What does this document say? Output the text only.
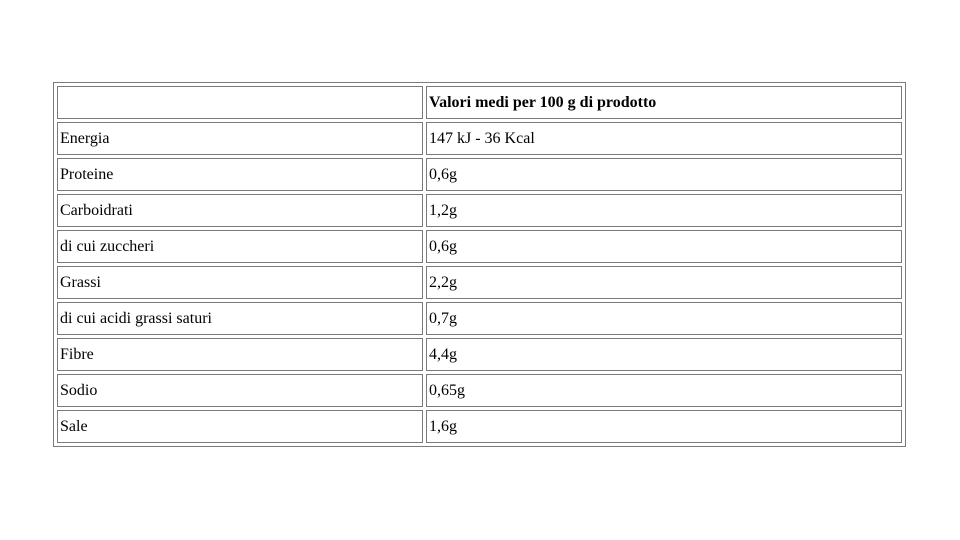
	Valori medi per 100 g di prodotto
Energia	147 kJ - 36 Kcal
Proteine	0,6g
Carboidrati	1,2g
di cui zuccheri	0,6g
Grassi	2,2g
di cui acidi grassi saturi	0,7g
Fibre	4,4g
Sodio	0,65g
Sale	1,6g
